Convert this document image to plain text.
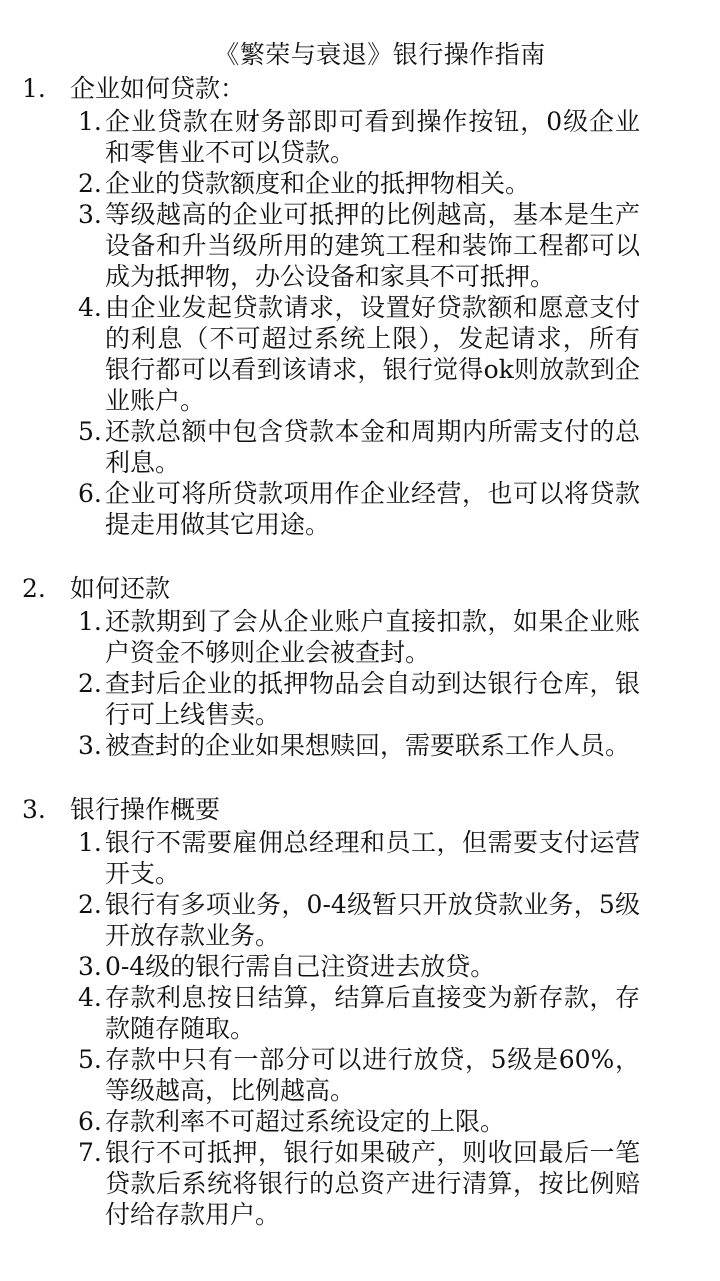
《繁荣与衰退》银行操作指南
1. 企业如何贷款：
1. 企业贷款在财务部即可看到操作按钮，0级企业和零售业不可以贷款。
2. 企业的贷款额度和企业的抵押物相关。
3. 等级越高的企业可抵押的比例越高，基本是生产设备和升当级所用的建筑工程和装饰工程都可以成为抵押物，办公设备和家具不可抵押。
4. 由企业发起贷款请求，设置好贷款额和愿意支付的利息（不可超过系统上限），发起请求，所有银行都可以看到该请求，银行觉得ok则放款到企业账户。
5. 还款总额中包含贷款本金和周期内所需支付的总利息。
6. 企业可将所贷款项用作企业经营，也可以将贷款提走用做其它用途。
2. 如何还款
1. 还款期到了会从企业账户直接扣款，如果企业账户资金不够则企业会被查封。
2. 查封后企业的抵押物品会自动到达银行仓库，银行可上线售卖。
3. 被查封的企业如果想赎回，需要联系工作人员。
3. 银行操作概要
1. 银行不需要雇佣总经理和员工，但需要支付运营开支。
2. 银行有多项业务，0-4级暂只开放贷款业务，5级开放存款业务。
3. 0-4级的银行需自己注资进去放贷。
4. 存款利息按日结算，结算后直接变为新存款，存款随存随取。
5. 存款中只有一部分可以进行放贷，5级是60%，等级越高，比例越高。
6. 存款利率不可超过系统设定的上限。
7. 银行不可抵押，银行如果破产，则收回最后一笔贷款后系统将银行的总资产进行清算，按比例赔付给存款用户。
